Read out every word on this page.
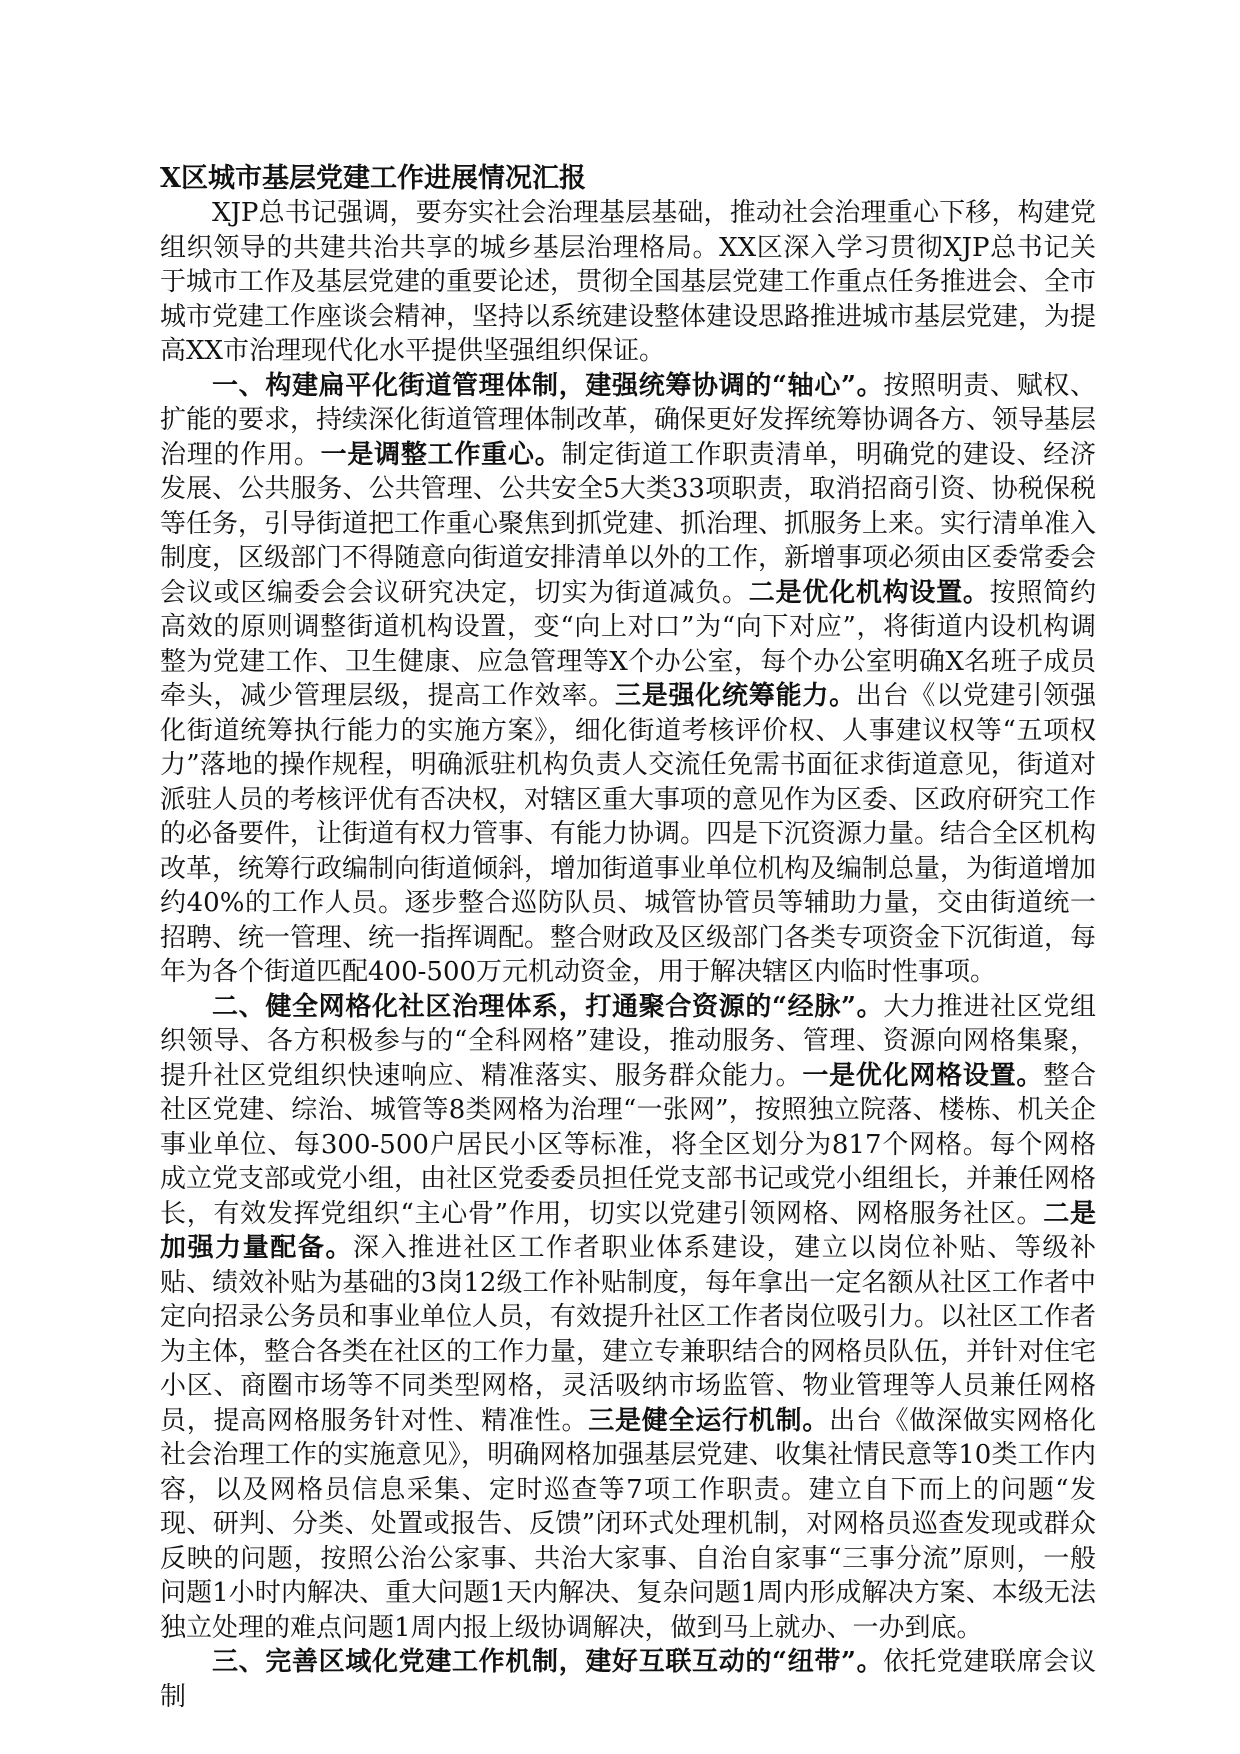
X区城市基层党建工作进展情况汇报

XJP总书记强调，要夯实社会治理基层基础，推动社会治理重心下移，构建党组织领导的共建共治共享的城乡基层治理格局。XX区深入学习贯彻XJP总书记关于城市工作及基层党建的重要论述，贯彻全国基层党建工作重点任务推进会、全市城市党建工作座谈会精神，坚持以系统建设整体建设思路推进城市基层党建，为提高XX市治理现代化水平提供坚强组织保证。

一、构建扁平化街道管理体制，建强统筹协调的“轴心”。按照明责、赋权、扩能的要求，持续深化街道管理体制改革，确保更好发挥统筹协调各方、领导基层治理的作用。一是调整工作重心。制定街道工作职责清单，明确党的建设、经济发展、公共服务、公共管理、公共安全5大类33项职责，取消招商引资、协税保税等任务，引导街道把工作重心聚焦到抓党建、抓治理、抓服务上来。实行清单准入制度，区级部门不得随意向街道安排清单以外的工作，新增事项必须由区委常委会会议或区编委会会议研究决定，切实为街道减负。二是优化机构设置。按照简约高效的原则调整街道机构设置，变“向上对口”为“向下对应”，将街道内设机构调整为党建工作、卫生健康、应急管理等X个办公室，每个办公室明确X名班子成员牵头，减少管理层级，提高工作效率。三是强化统筹能力。出台《以党建引领强化街道统筹执行能力的实施方案》，细化街道考核评价权、人事建议权等“五项权力”落地的操作规程，明确派驻机构负责人交流任免需书面征求街道意见，街道对派驻人员的考核评优有否决权，对辖区重大事项的意见作为区委、区政府研究工作的必备要件，让街道有权力管事、有能力协调。四是下沉资源力量。结合全区机构改革，统筹行政编制向街道倾斜，增加街道事业单位机构及编制总量，为街道增加约40%的工作人员。逐步整合巡防队员、城管协管员等辅助力量，交由街道统一招聘、统一管理、统一指挥调配。整合财政及区级部门各类专项资金下沉街道，每年为各个街道匹配400-500万元机动资金，用于解决辖区内临时性事项。

二、健全网格化社区治理体系，打通聚合资源的“经脉”。大力推进社区党组织领导、各方积极参与的“全科网格”建设，推动服务、管理、资源向网格集聚，提升社区党组织快速响应、精准落实、服务群众能力。一是优化网格设置。整合社区党建、综治、城管等8类网格为治理“一张网”，按照独立院落、楼栋、机关企事业单位、每300-500户居民小区等标准，将全区划分为817个网格。每个网格成立党支部或党小组，由社区党委委员担任党支部书记或党小组组长，并兼任网格长，有效发挥党组织“主心骨”作用，切实以党建引领网格、网格服务社区。二是加强力量配备。深入推进社区工作者职业体系建设，建立以岗位补贴、等级补贴、绩效补贴为基础的3岗12级工作补贴制度，每年拿出一定名额从社区工作者中定向招录公务员和事业单位人员，有效提升社区工作者岗位吸引力。以社区工作者为主体，整合各类在社区的工作力量，建立专兼职结合的网格员队伍，并针对住宅小区、商圈市场等不同类型网格，灵活吸纳市场监管、物业管理等人员兼任网格员，提高网格服务针对性、精准性。三是健全运行机制。出台《做深做实网格化社会治理工作的实施意见》，明确网格加强基层党建、收集社情民意等10类工作内容，以及网格员信息采集、定时巡查等7项工作职责。建立自下而上的问题“发现、研判、分类、处置或报告、反馈”闭环式处理机制，对网格员巡查发现或群众反映的问题，按照公治公家事、共治大家事、自治自家事“三事分流”原则，一般问题1小时内解决、重大问题1天内解决、复杂问题1周内形成解决方案、本级无法独立处理的难点问题1周内报上级协调解决，做到马上就办、一办到底。

三、完善区域化党建工作机制，建好互联互动的“纽带”。依托党建联席会议制
